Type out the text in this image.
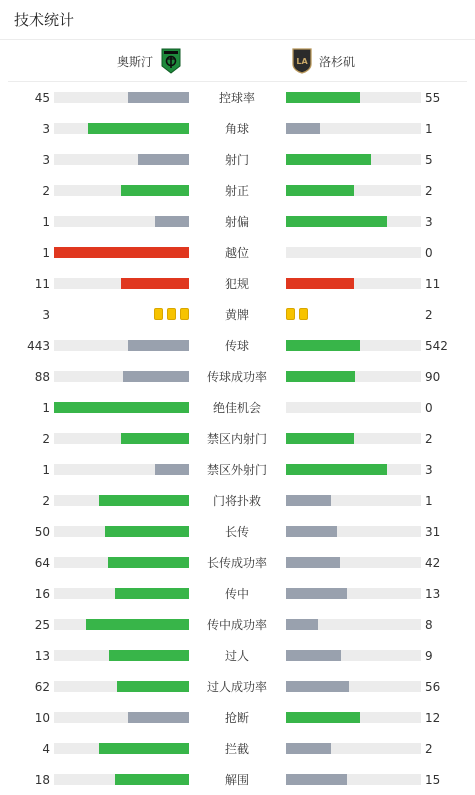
技术统计
奥斯汀	LA 洛杉矶
45	控球率	55
3	角球	1
3	射门	5
2	射正	2
1	射偏	3
1	越位	0
11	犯规	11
3	黄牌	2
443	传球	542
88	传球成功率	90
1	绝佳机会	0
2	禁区内射门	2
1	禁区外射门	3
2	门将扑救	1
50	长传	31
64	长传成功率	42
16	传中	13
25	传中成功率	8
13	过人	9
62	过人成功率	56
10	抢断	12
4	拦截	2
18	解围	15
